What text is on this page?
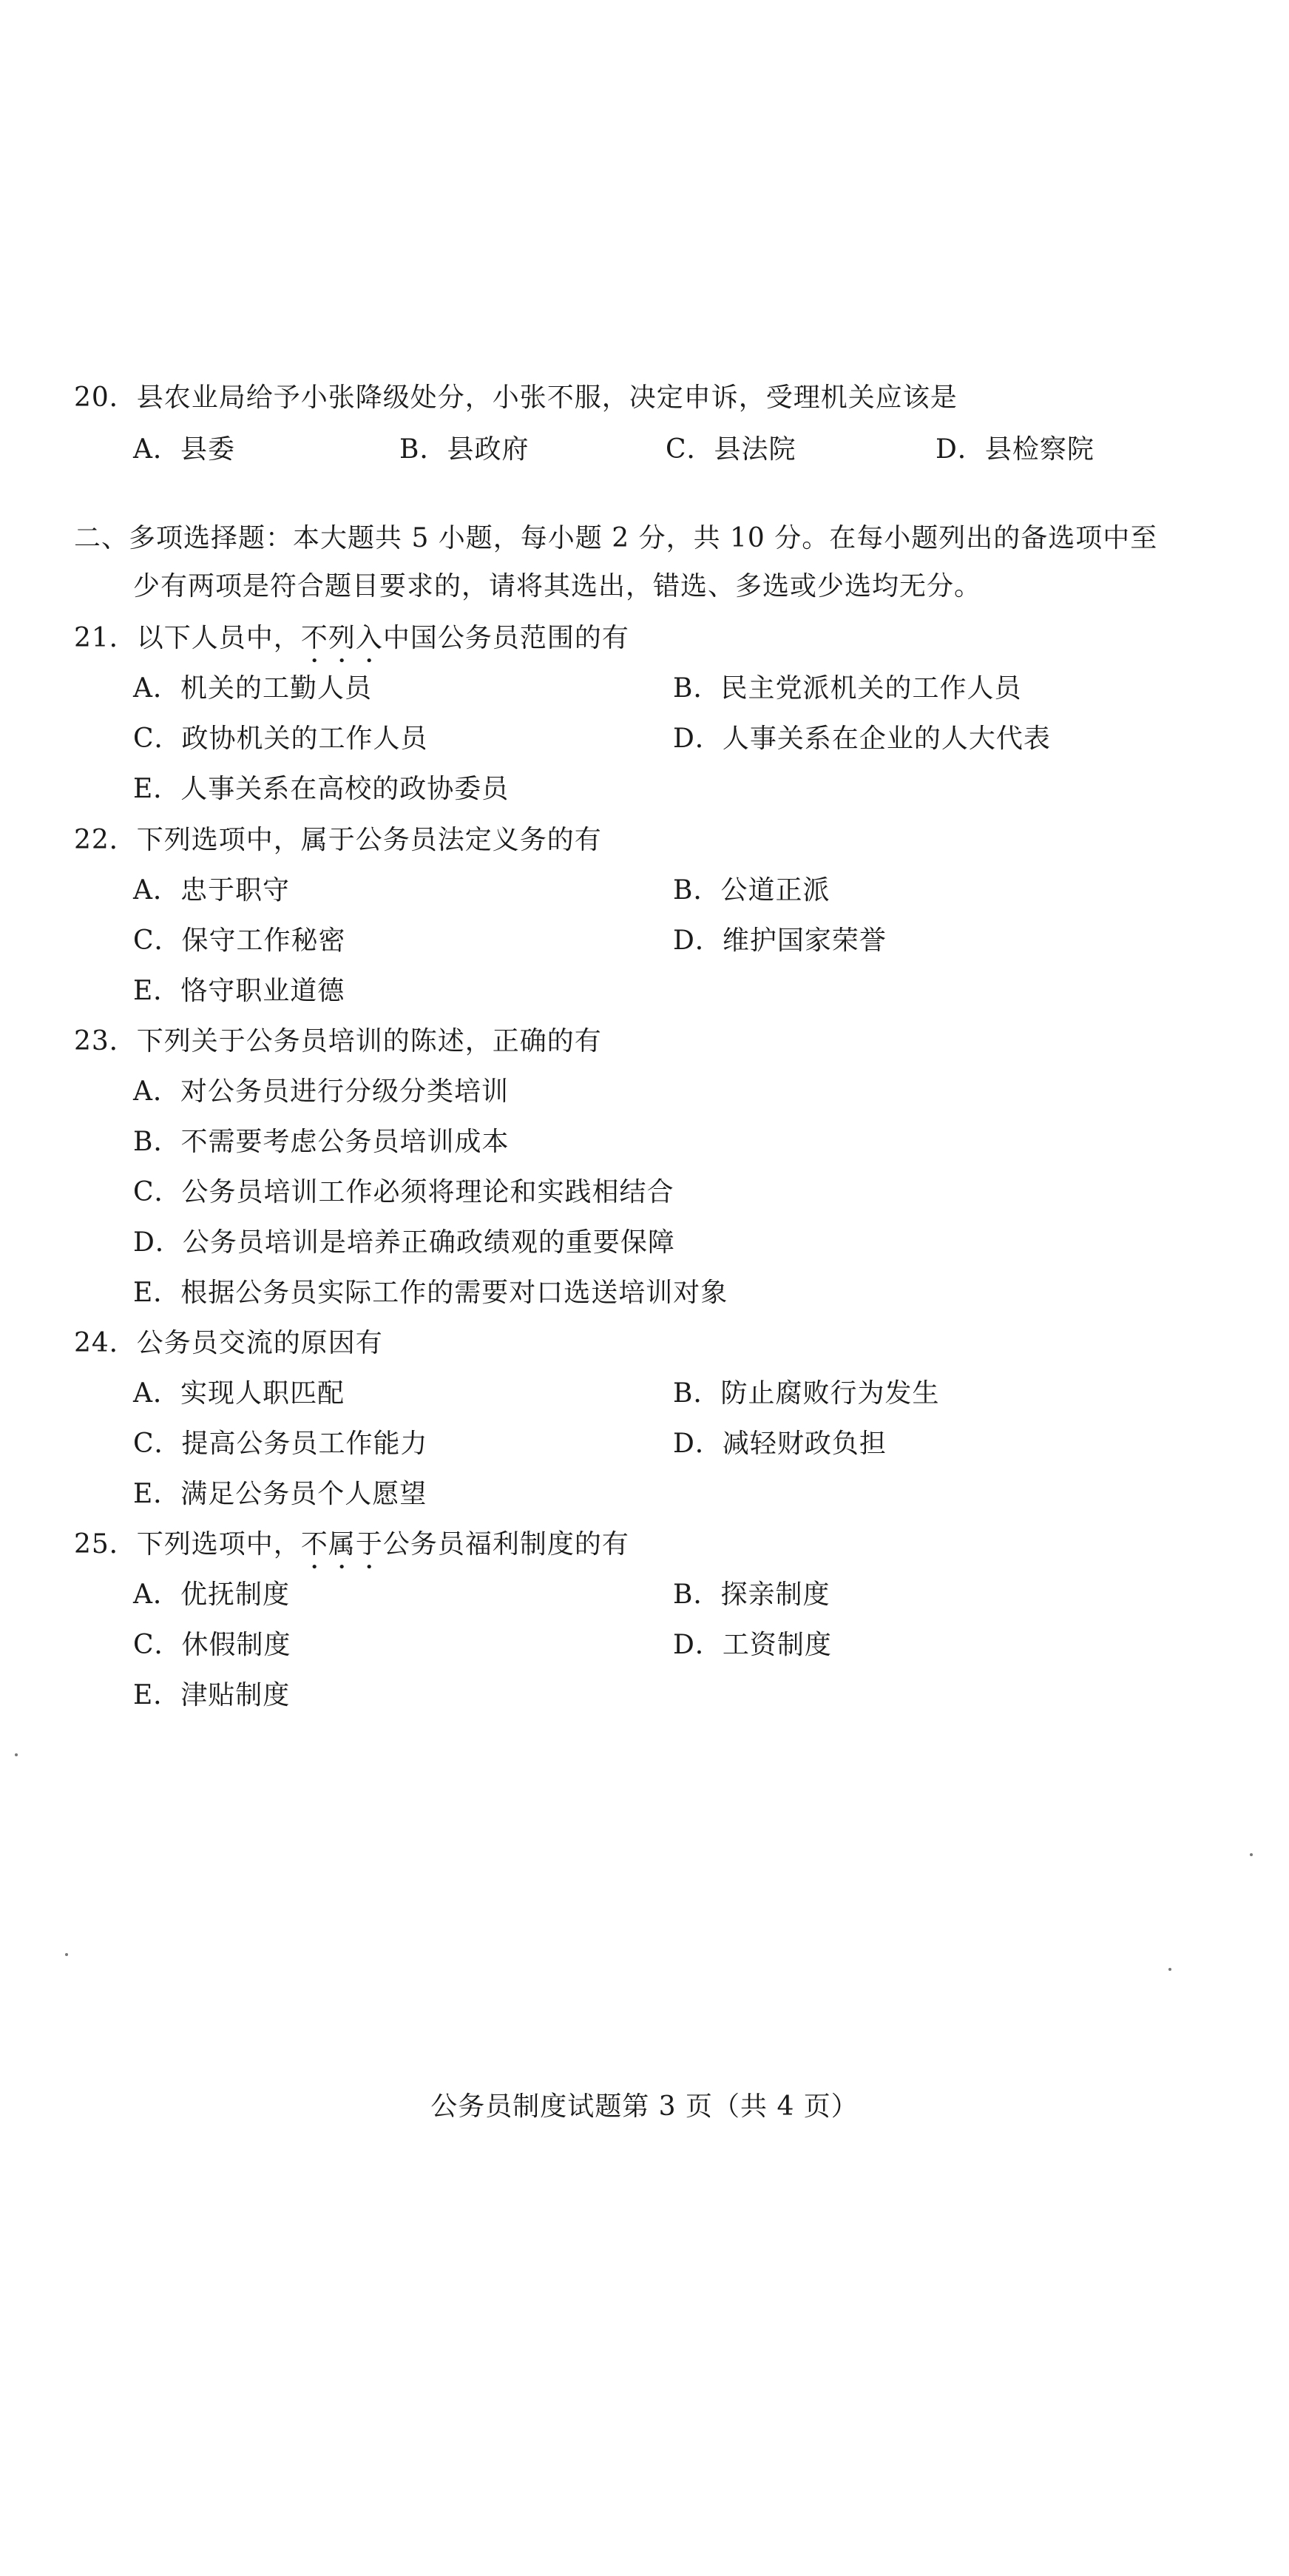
20．县农业局给予小张降级处分，小张不服，决定申诉，受理机关应该是
A．县委	B．县政府	C．县法院	D．县检察院
二、多项选择题：本大题共 5 小题，每小题 2 分，共 10 分。在每小题列出的备选项中至
少有两项是符合题目要求的，请将其选出，错选、多选或少选均无分。
21．以下人员中，不列入中国公务员范围的有
A．机关的工勤人员	B．民主党派机关的工作人员
C．政协机关的工作人员	D．人事关系在企业的人大代表
E．人事关系在高校的政协委员
22．下列选项中，属于公务员法定义务的有
A．忠于职守	B．公道正派
C．保守工作秘密	D．维护国家荣誉
E．恪守职业道德
23．下列关于公务员培训的陈述，正确的有
A．对公务员进行分级分类培训
B．不需要考虑公务员培训成本
C．公务员培训工作必须将理论和实践相结合
D．公务员培训是培养正确政绩观的重要保障
E．根据公务员实际工作的需要对口选送培训对象
24．公务员交流的原因有
A．实现人职匹配	B．防止腐败行为发生
C．提高公务员工作能力	D．减轻财政负担
E．满足公务员个人愿望
25．下列选项中，不属于公务员福利制度的有
A．优抚制度	B．探亲制度
C．休假制度	D．工资制度
E．津贴制度
公务员制度试题第 3 页（共 4 页）
